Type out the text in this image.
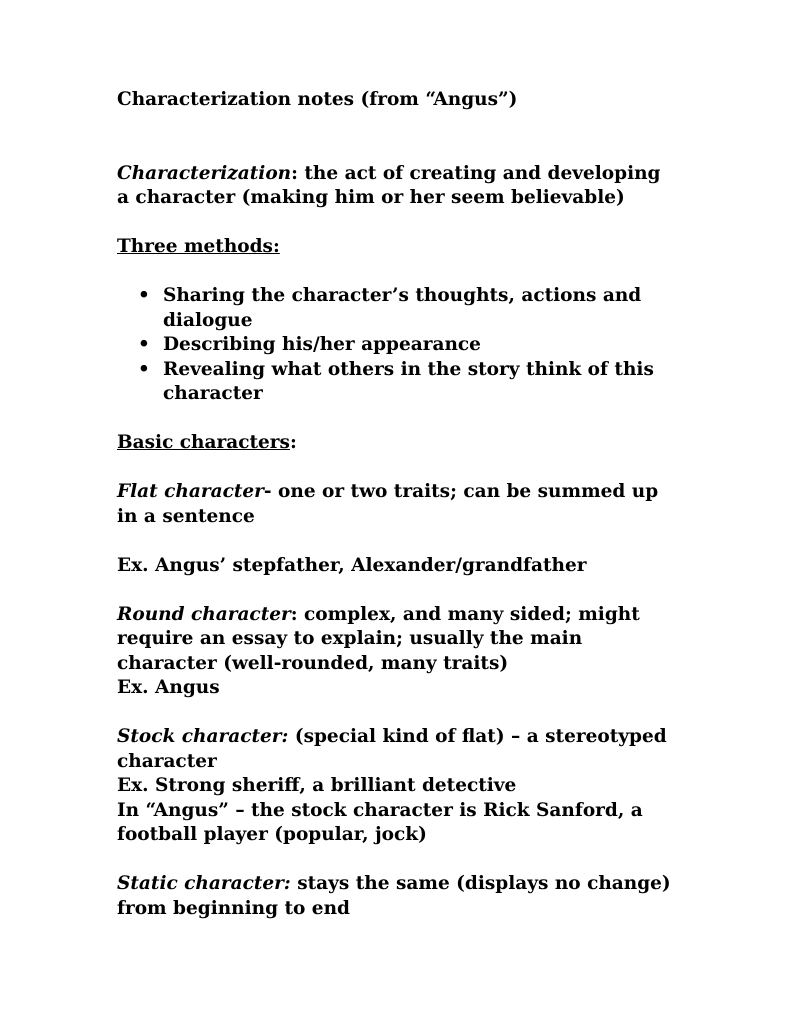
Characterization notes (from “Angus”)

Characterization: the act of creating and developing a character (making him or her seem believable)

Three methods:

• Sharing the character’s thoughts, actions and dialogue
• Describing his/her appearance
• Revealing what others in the story think of this character

Basic characters:

Flat character- one or two traits; can be summed up in a sentence

Ex. Angus’ stepfather, Alexander/grandfather

Round character: complex, and many sided; might require an essay to explain; usually the main character (well-rounded, many traits)

Ex. Angus

Stock character: (special kind of flat) – a stereotyped character

Ex. Strong sheriff, a brilliant detective

In “Angus” – the stock character is Rick Sanford, a football player (popular, jock)

Static character: stays the same (displays no change) from beginning to end
